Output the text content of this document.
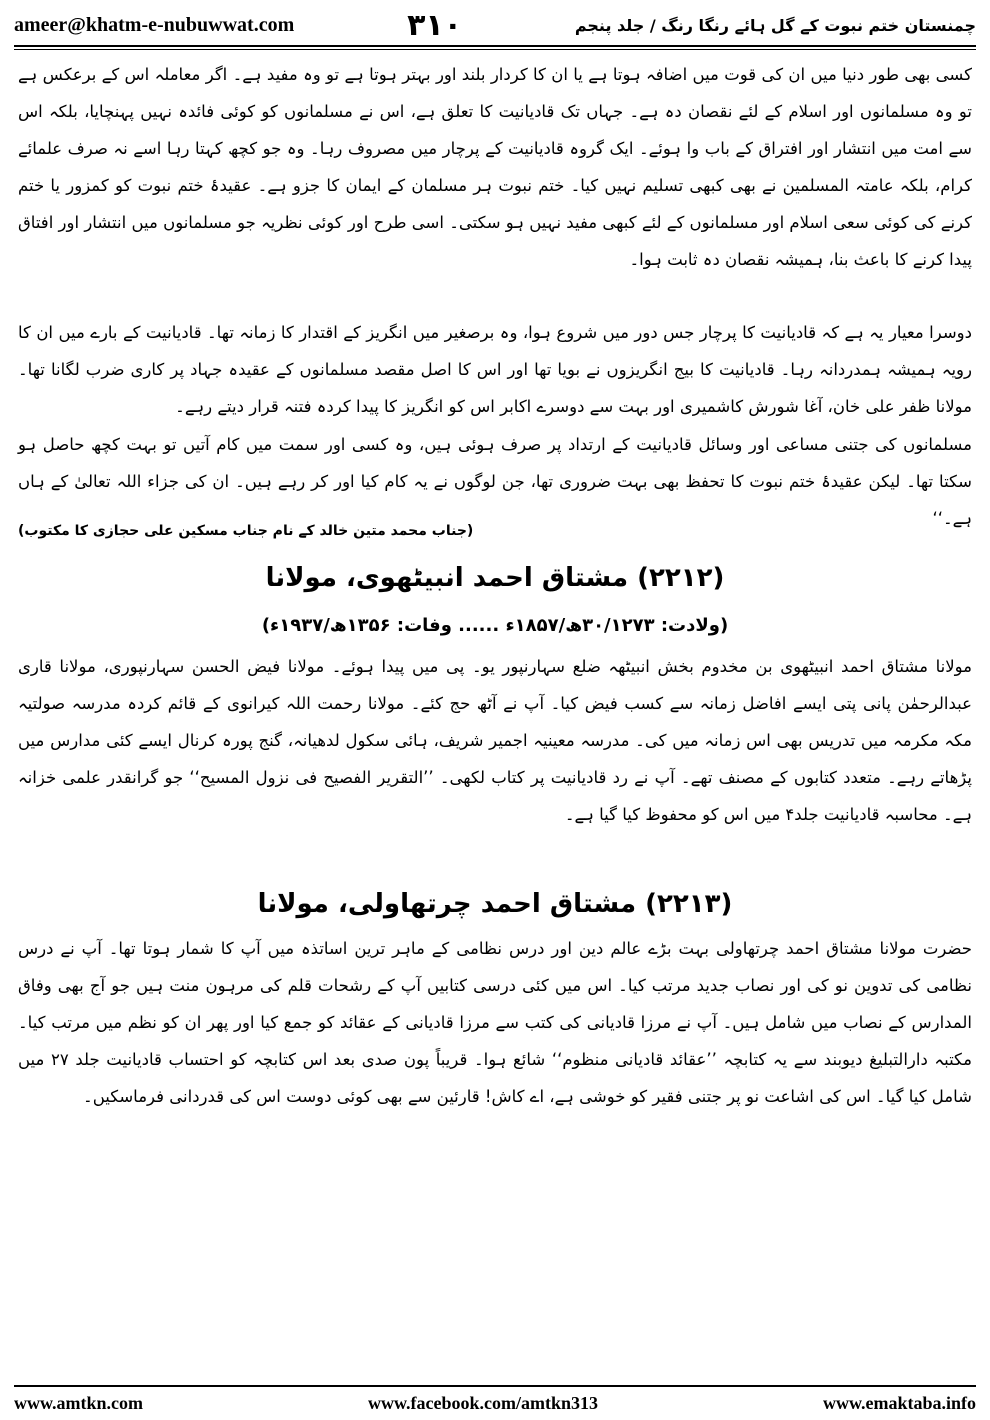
ameer@khatm-e-nubuwwat.com	۳۱۰	چمنستان ختم نبوت کے گل ہائے رنگا رنگ / جلد پنجم

کسی بھی طور دنیا میں ان کی قوت میں اضافہ ہوتا ہے یا ان کا کردار بلند اور بہتر ہوتا ہے تو وہ مفید ہے۔ اگر معاملہ اس کے برعکس ہے تو وہ مسلمانوں اور اسلام کے لئے نقصان دہ ہے۔ جہاں تک قادیانیت کا تعلق ہے، اس نے مسلمانوں کو کوئی فائدہ نہیں پہنچایا، بلکہ اس سے امت میں انتشار اور افتراق کے باب وا ہوئے۔ ایک گروہ قادیانیت کے پرچار میں مصروف رہا۔ وہ جو کچھ کہتا رہا اسے نہ صرف علمائے کرام، بلکہ عامتہ المسلمین نے بھی کبھی تسلیم نہیں کیا۔ ختم نبوت ہر مسلمان کے ایمان کا جزو ہے۔ عقیدۂ ختم نبوت کو کمزور یا ختم کرنے کی کوئی سعی اسلام اور مسلمانوں کے لئے کبھی مفید نہیں ہو سکتی۔ اسی طرح اور کوئی نظریہ جو مسلمانوں میں انتشار اور افتاق پیدا کرنے کا باعث بنا، ہمیشہ نقصان دہ ثابت ہوا۔

دوسرا معیار یہ ہے کہ قادیانیت کا پرچار جس دور میں شروع ہوا، وہ برصغیر میں انگریز کے اقتدار کا زمانہ تھا۔ قادیانیت کے بارے میں ان کا رویہ ہمیشہ ہمدردانہ رہا۔ قادیانیت کا بیج انگریزوں نے بویا تھا اور اس کا اصل مقصد مسلمانوں کے عقیدہ جہاد پر کاری ضرب لگانا تھا۔ مولانا ظفر علی خان، آغا شورش کاشمیری اور بہت سے دوسرے اکابر اس کو انگریز کا پیدا کردہ فتنہ قرار دیتے رہے۔

مسلمانوں کی جتنی مساعی اور وسائل قادیانیت کے ارتداد پر صرف ہوئی ہیں، وہ کسی اور سمت میں کام آتیں تو بہت کچھ حاصل ہو سکتا تھا۔ لیکن عقیدۂ ختم نبوت کا تحفظ بھی بہت ضروری تھا، جن لوگوں نے یہ کام کیا اور کر رہے ہیں۔ ان کی جزاء اللہ تعالیٰ کے ہاں ہے۔‘‘

(جناب محمد متین خالد کے نام جناب مسکین علی حجازی کا مکتوب)

(۲۲۱۲) مشتاق احمد انبیٹھوی، مولانا

(ولادت: ۳۰/۱۲۷۳ھ/۱۸۵۷ء ...... وفات: ۱۳۵۶ھ/۱۹۳۷ء)

مولانا مشتاق احمد انبیٹھوی بن مخدوم بخش انبیٹھہ ضلع سہارنپور یو۔ پی میں پیدا ہوئے۔ مولانا فیض الحسن سہارنپوری، مولانا قاری عبدالرحمٰن پانی پتی ایسے افاضل زمانہ سے کسب فیض کیا۔ آپ نے آٹھ حج کئے۔ مولانا رحمت اللہ کیرانوی کے قائم کردہ مدرسہ صولتیہ مکہ مکرمہ میں تدریس بھی اس زمانہ میں کی۔ مدرسہ معینیہ اجمیر شریف، ہائی سکول لدھیانہ، گنج پورہ کرنال ایسے کئی مدارس میں پڑھاتے رہے۔ متعدد کتابوں کے مصنف تھے۔ آپ نے رد قادیانیت پر کتاب لکھی۔ ’’التقریر الفصیح فی نزول المسیح‘‘ جو گرانقدر علمی خزانہ ہے۔ محاسبہ قادیانیت جلد۴ میں اس کو محفوظ کیا گیا ہے۔

(۲۲۱۳) مشتاق احمد چرتھاولی، مولانا

حضرت مولانا مشتاق احمد چرتھاولی بہت بڑے عالم دین اور درس نظامی کے ماہر ترین اساتذہ میں آپ کا شمار ہوتا تھا۔ آپ نے درس نظامی کی تدوین نو کی اور نصاب جدید مرتب کیا۔ اس میں کئی درسی کتابیں آپ کے رشحات قلم کی مرہون منت ہیں جو آج بھی وفاق المدارس کے نصاب میں شامل ہیں۔ آپ نے مرزا قادیانی کی کتب سے مرزا قادیانی کے عقائد کو جمع کیا اور پھر ان کو نظم میں مرتب کیا۔ مکتبہ دارالتبلیغ دیوبند سے یہ کتابچہ ’’عقائد قادیانی منظوم‘‘ شائع ہوا۔ قریباً پون صدی بعد اس کتابچہ کو احتساب قادیانیت جلد ۲۷ میں شامل کیا گیا۔ اس کی اشاعت نو پر جتنی فقیر کو خوشی ہے، اے کاش! قارئین سے بھی کوئی دوست اس کی قدردانی فرماسکیں۔

www.amtkn.com	www.facebook.com/amtkn313	www.emaktaba.info
